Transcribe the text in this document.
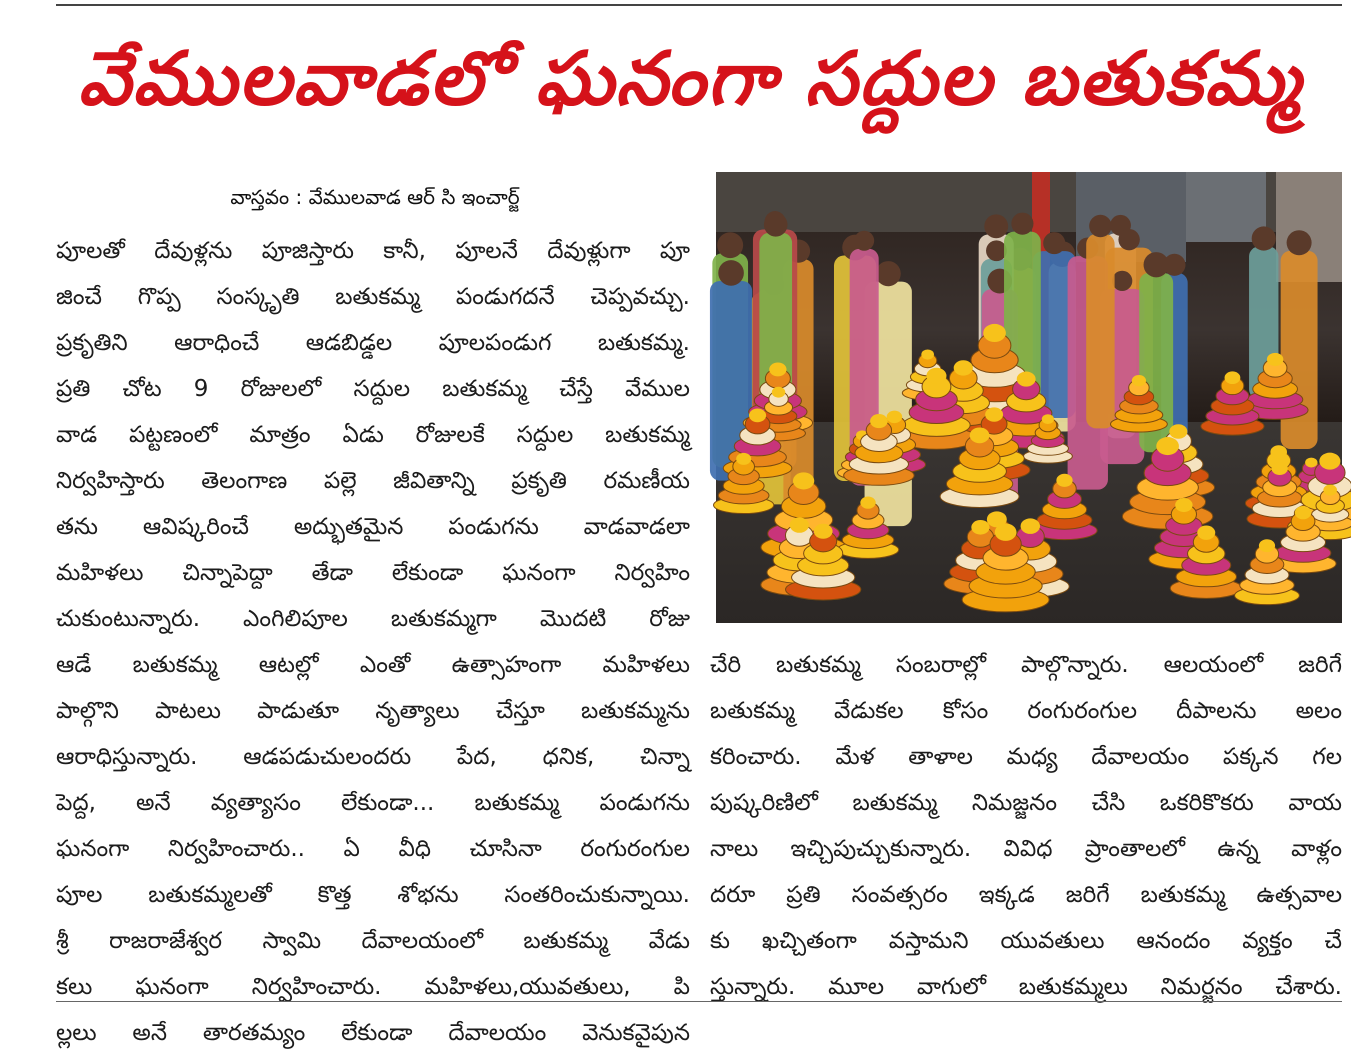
వేములవాడలో ఘనంగా సద్దుల బతుకమ్మ
వాస్తవం : వేములవాడ ఆర్ సి ఇంచార్జ్
పూలతో దేవుళ్లను పూజిస్తారు కానీ, పూలనే దేవుళ్లుగా పూ
జించే గొప్ప సంస్కృతి బతుకమ్మ పండుగదనే చెప్పవచ్చు.
ప్రకృతిని ఆరాధించే ఆడబిడ్డల పూలపండుగ బతుకమ్మ.
ప్రతి చోట 9 రోజులలో సద్దుల బతుకమ్మ చేస్తే వేముల
వాడ పట్టణంలో మాత్రం ఏడు రోజులకే సద్దుల బతుకమ్మ
నిర్వహిస్తారు తెలంగాణ పల్లె జీవితాన్ని ప్రకృతి రమణీయ
తను ఆవిష్కరించే అద్భుతమైన పండుగను వాడవాడలా
మహిళలు చిన్నాపెద్దా తేడా లేకుండా ఘనంగా నిర్వహిం
చుకుంటున్నారు. ఎంగిలిపూల బతుకమ్మగా మొదటి రోజు
ఆడే బతుకమ్మ ఆటల్లో ఎంతో ఉత్సాహంగా మహిళలు
పాల్గొని పాటలు పాడుతూ నృత్యాలు చేస్తూ బతుకమ్మను
ఆరాధిస్తున్నారు. ఆడపడుచులందరు పేద, ధనిక, చిన్నా
పెద్ద, అనే వ్యత్యాసం లేకుండా... బతుకమ్మ పండుగను
ఘనంగా నిర్వహించారు.. ఏ వీధి చూసినా రంగురంగుల
పూల బతుకమ్మలతో కొత్త శోభను సంతరించుకున్నాయి.
శ్రీ రాజరాజేశ్వర స్వామి దేవాలయంలో బతుకమ్మ వేడు
కలు ఘనంగా నిర్వహించారు. మహిళలు,యువతులు, పి
ల్లలు అనే తారతమ్యం లేకుండా దేవాలయం వెనుకవైపున
చేరి బతుకమ్మ సంబరాల్లో పాల్గొన్నారు. ఆలయంలో జరిగే
బతుకమ్మ వేడుకల కోసం రంగురంగుల దీపాలను అలం
కరించారు. మేళ తాళాల మధ్య దేవాలయం పక్కన గల
పుష్కరిణిలో బతుకమ్మ నిమజ్జనం చేసి ఒకరికొకరు వాయ
నాలు ఇచ్చిపుచ్చుకున్నారు. వివిధ ప్రాంతాలలో ఉన్న వాళ్లం
దరూ ప్రతి సంవత్సరం ఇక్కడ జరిగే బతుకమ్మ ఉత్సవాల
కు ఖచ్చితంగా వస్తామని యువతులు ఆనందం వ్యక్తం చే
స్తున్నారు. మూల వాగులో బతుకమ్మలు నిమర్జనం చేశారు.
